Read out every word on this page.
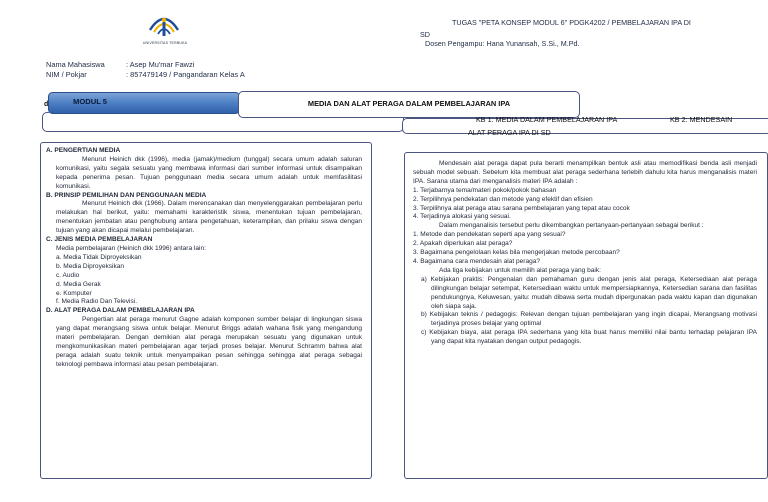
UNIVERSITAS TERBUKA
TUGAS "PETA KONSEP MODUL 6" PDGK4202 / PEMBELAJARAN IPA DI
SD
Dosen Pengampu: Hana Yunansah, S.Si., M.Pd.
Nama Mahasiswa	: Asep Mu'mar Fawzi
NIM / Pokjar	: 857479149 / Pangandaran Kelas A
MODUL 5
d	MEDIA DAN ALAT PERAGA DALAM PEMBELAJARAN IPA
KB 1: MEDIA DALAM PEMBELAJARAN IPA	KB 2: MENDESAIN
ALAT PERAGA IPA DI SD

A. PENGERTIAN MEDIA

Menurut Heinich dkk (1996), media (jamak)/medium (tunggal) secara umum adalah saluran komunikasi, yaitu segala sesuatu yang membawa informasi dari sumber informasi untuk disampaikan kepada penerima pesan. Tujuan penggunaan media secara umum adalah untuk memfasilitasi komunikasi.

B. PRINSIP PEMILIHAN DAN PENGGUNAAN MEDIA

Menurut Heinich dkk (1966). Dalam merencanakan dan menyelenggarakan pembelajaran perlu melakukan hal berikut, yaitu: memahami karakteristik siswa, menentukan tujuan pembelajaran, menentukan jembatan atau penghubung antara pengetahuan, keterampilan, dan prilaku siswa dengan tujuan yang akan dicapai melalui pembelajaran.

C. JENIS MEDIA PEMBELAJARAN

Media pembelajaran (Heinich dkk 1996) antara lain:

a. Media Tidak Diproyeksikan

b. Media Diproyeksikan

c. Audio

d. Media Gerak

e. Komputer

f. Media Radio Dan Televisi.

D. ALAT PERAGA DALAM PEMBELAJARAN IPA

Pengertian alat peraga menurut Gagne adalah komponen sumber belajar di lingkungan siswa yang dapat merangsang siswa untuk belajar. Menurut Briggs adalah wahana fisik yang mengandung materi pembelajaran. Dengan demikian alat peraga merupakan sesuatu yang digunakan untuk mengkomunikasikan materi pembelajaran agar terjadi proses belajar. Menurut Schramm bahwa alat peraga adalah suatu teknik untuk menyampaikan pesan sehingga sehingga alat peraga sebagai teknologi pembawa informasi atau pesan pembelajaran.

Mendesain alat peraga dapat pula berarti menampilkan bentuk asli atau memodifikasi benda asli menjadi sebuah model sebuah. Sebelum kita membuat alat peraga sederhana terlebih dahulu kita harus menganalisis materi IPA. Sarana utama dari menganalisis materi IPA adalah :

1. Terjabarnya tema/materi pokok/pokok bahasan

2. Terpilihnya pendekatan dan metode yang efektif dan efisien

3. Terpilihnya alat peraga atau sarana pembelajaran yang tepat atau cocok

4. Terjadinya alokasi yang sesuai.

Dalam menganalisis tersebut perlu dikembangkan pertanyaan-pertanyaan sebagai berikut :

1. Metode dan pendekatan seperti apa yang sesuai?

2. Apakah diperlukan alat peraga?

3. Bagaimana pengelolaan kelas bila mengerjakan metode percobaan?

4. Bagaimana cara mendesain alat peraga?

Ada tiga kebijakan untuk memilih alat peraga yang baik:

a) Kebijakan praktis: Pengenalan dan pemahaman guru dengan jenis alat peraga, Ketersediaan alat peraga dilingkungan belajar setempat, Ketersediaan waktu untuk mempersiapkannya, Ketersedian sarana dan fasilitas pendukungnya, Keluwesan, yaitu: mudah dibawa serta mudah dipergunakan pada waktu kapan dan digunakan oleh siapa saja.

b) Kebijakan teknis / pedagogis: Relevan dengan tujuan pembelajaran yang ingin dicapai, Merangsang motivasi terjadinya proses belajar yang optimal

c) Kebijakan biaya, alat peraga IPA sederhana yang kita buat harus memiliki nilai bantu terhadap pelajaran IPA yang dapat kita nyatakan dengan output pedagogis.
